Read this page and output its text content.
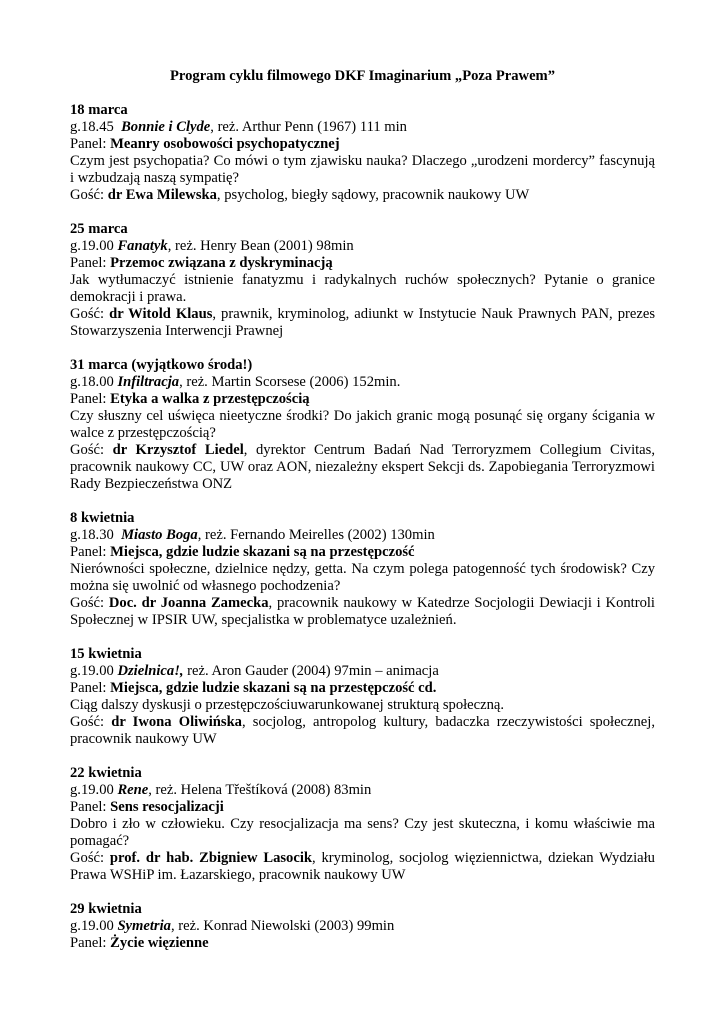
Program cyklu filmowego DKF Imaginarium „Poza Prawem”

18 marca

g.18.45 Bonnie i Clyde, reż. Arthur Penn (1967) 111 min

Panel: Meanry osobowości psychopatycznej

Czym jest psychopatia? Co mówi o tym zjawisku nauka? Dlaczego „urodzeni mordercy” fascynują i wzbudzają naszą sympatię?

Gość: dr Ewa Milewska, psycholog, biegły sądowy, pracownik naukowy UW

25 marca

g.19.00 Fanatyk, reż. Henry Bean (2001) 98min

Panel: Przemoc związana z dyskryminacją

Jak wytłumaczyć istnienie fanatyzmu i radykalnych ruchów społecznych? Pytanie o granice demokracji i prawa.

Gość: dr Witold Klaus, prawnik, kryminolog, adiunkt w Instytucie Nauk Prawnych PAN, prezes Stowarzyszenia Interwencji Prawnej

31 marca (wyjątkowo środa!)

g.18.00 Infiltracja, reż. Martin Scorsese (2006) 152min.

Panel: Etyka a walka z przestępczością

Czy słuszny cel uświęca nieetyczne środki? Do jakich granic mogą posunąć się organy ścigania w walce z przestępczością?

Gość: dr Krzysztof Liedel, dyrektor Centrum Badań Nad Terroryzmem Collegium Civitas, pracownik naukowy CC, UW oraz AON, niezależny ekspert Sekcji ds. Zapobiegania Terroryzmowi Rady Bezpieczeństwa ONZ

8 kwietnia

g.18.30 Miasto Boga, reż. Fernando Meirelles (2002) 130min

Panel: Miejsca, gdzie ludzie skazani są na przestępczość

Nierówności społeczne, dzielnice nędzy, getta. Na czym polega patogenność tych środowisk? Czy można się uwolnić od własnego pochodzenia?

Gość: Doc. dr Joanna Zamecka, pracownik naukowy w Katedrze Socjologii Dewiacji i Kontroli Społecznej w IPSIR UW, specjalistka w problematyce uzależnień.

15 kwietnia

g.19.00 Dzielnica!, reż. Aron Gauder (2004) 97min – animacja

Panel: Miejsca, gdzie ludzie skazani są na przestępczość cd.

Ciąg dalszy dyskusji o przestępczościuwarunkowanej strukturą społeczną.

Gość: dr Iwona Oliwińska, socjolog, antropolog kultury, badaczka rzeczywistości społecznej, pracownik naukowy UW

22 kwietnia

g.19.00 Rene, reż. Helena Třeštíková (2008) 83min

Panel: Sens resocjalizacji

Dobro i zło w człowieku. Czy resocjalizacja ma sens? Czy jest skuteczna, i komu właściwie ma pomagać?

Gość: prof. dr hab. Zbigniew Lasocik, kryminolog, socjolog więziennictwa, dziekan Wydziału Prawa WSHiP im. Łazarskiego, pracownik naukowy UW

29 kwietnia

g.19.00 Symetria, reż. Konrad Niewolski (2003) 99min

Panel: Życie więzienne
